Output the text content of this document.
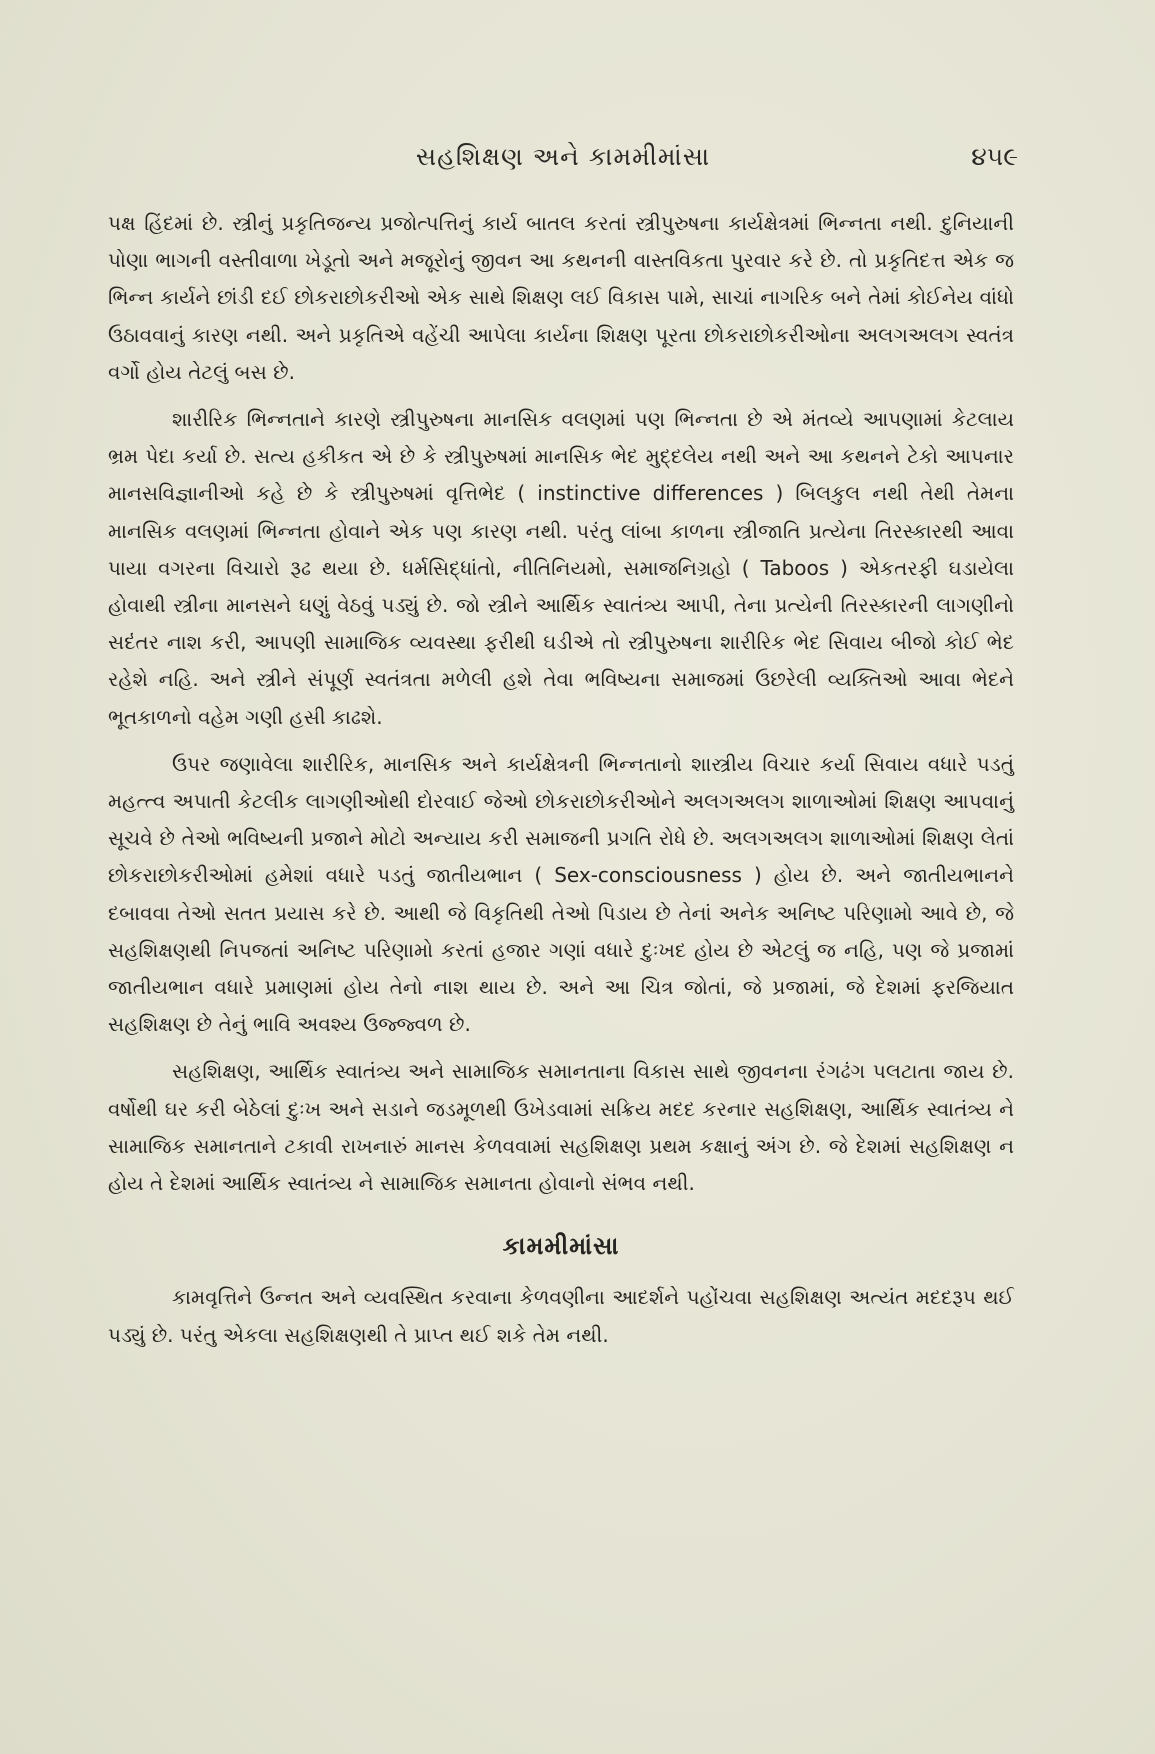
સહશિક્ષણ અને કામમીમાંસા	૪૫૯

પક્ષ હિંદમાં છે. સ્ત્રીનું પ્રકૃતિજન્ય પ્રજોત્પત્તિનું કાર્ય બાતલ કરતાં સ્ત્રીપુરુષના કાર્યક્ષેત્રમાં ભિન્નતા નથી. દુનિયાની પોણા ભાગની વસ્તીવાળા ખેડૂતો અને મજૂરોનું જીવન આ કથનની વાસ્તવિકતા પુરવાર કરે છે. તો પ્રકૃતિદત્ત એક જ ભિન્ન કાર્યને છાંડી દઈ છોકરાછોકરીઓ એક સાથે શિક્ષણ લઈ વિકાસ પામે, સાચાં નાગરિક બને તેમાં કોઈનેય વાંધો ઉઠાવવાનું કારણ નથી. અને પ્રકૃતિએ વહેંચી આપેલા કાર્યના શિક્ષણ પૂરતા છોકરાછોકરીઓના અલગઅલગ સ્વતંત્ર વર્ગો હોય તેટલું બસ છે.

શારીરિક ભિન્નતાને કારણે સ્ત્રીપુરુષના માનસિક વલણમાં પણ ભિન્નતા છે એ મંતવ્યે આપણામાં કેટલાય ભ્રમ પેદા કર્યા છે. સત્ય હકીકત એ છે કે સ્ત્રીપુરુષમાં માનસિક ભેદ મુદ્દલેય નથી અને આ કથનને ટેકો આપનાર માનસવિજ્ઞાનીઓ કહે છે કે સ્ત્રીપુરુષમાં વૃત્તિભેદ ( instinctive differences ) બિલકુલ નથી તેથી તેમના માનસિક વલણમાં ભિન્નતા હોવાને એક પણ કારણ નથી. પરંતુ લાંબા કાળના સ્ત્રીજાતિ પ્રત્યેના તિરસ્કારથી આવા પાયા વગરના વિચારો રૂઢ થયા છે. ધર્મસિદ્ધાંતો, નીતિનિયમો, સમાજનિગ્રહો ( Taboos ) એકતરફી ઘડાયેલા હોવાથી સ્ત્રીના માનસને ઘણું વેઠવું પડ્યું છે. જો સ્ત્રીને આર્થિક સ્વાતંત્ર્ય આપી, તેના પ્રત્યેની તિરસ્કારની લાગણીનો સદંતર નાશ કરી, આપણી સામાજિક વ્યવસ્થા ફરીથી ઘડીએ તો સ્ત્રીપુરુષના શારીરિક ભેદ સિવાય બીજો કોઈ ભેદ રહેશે નહિ. અને સ્ત્રીને સંપૂર્ણ સ્વતંત્રતા મળેલી હશે તેવા ભવિષ્યના સમાજમાં ઉછરેલી વ્યક્તિઓ આવા ભેદને ભૂતકાળનો વહેમ ગણી હસી કાઢશે.

ઉપર જણાવેલા શારીરિક, માનસિક અને કાર્યક્ષેત્રની ભિન્નતાનો શાસ્ત્રીય વિચાર કર્યા સિવાય વધારે પડતું મહત્ત્વ અપાતી કેટલીક લાગણીઓથી દોરવાઈ જેઓ છોકરાછોકરીઓને અલગઅલગ શાળાઓમાં શિક્ષણ આપવાનું સૂચવે છે તેઓ ભવિષ્યની પ્રજાને મોટો અન્યાય કરી સમાજની પ્રગતિ રોધે છે. અલગઅલગ શાળાઓમાં શિક્ષણ લેતાં છોકરાછોકરીઓમાં હમેશાં વધારે પડતું જાતીયભાન ( Sex-consciousness ) હોય છે. અને જાતીયભાનને દબાવવા તેઓ સતત પ્રયાસ કરે છે. આથી જે વિકૃતિથી તેઓ પિડાય છે તેનાં અનેક અનિષ્ટ પરિણામો આવે છે, જે સહશિક્ષણથી નિપજતાં અનિષ્ટ પરિણામો કરતાં હજાર ગણાં વધારે દુઃખદ હોય છે એટલું જ નહિ, પણ જે પ્રજામાં જાતીયભાન વધારે પ્રમાણમાં હોય તેનો નાશ થાય છે. અને આ ચિત્ર જોતાં, જે પ્રજામાં, જે દેશમાં ફરજિયાત સહશિક્ષણ છે તેનું ભાવિ અવશ્ય ઉજ્જ્વળ છે.

સહશિક્ષણ, આર્થિક સ્વાતંત્ર્ય અને સામાજિક સમાનતાના વિકાસ સાથે જીવનના રંગઢંગ પલટાતા જાય છે. વર્ષોથી ઘર કરી બેઠેલાં દુઃખ અને સડાને જડમૂળથી ઉખેડવામાં સક્રિય મદદ કરનાર સહશિક્ષણ, આર્થિક સ્વાતંત્ર્ય ને સામાજિક સમાનતાને ટકાવી રાખનારું માનસ કેળવવામાં સહશિક્ષણ પ્રથમ કક્ષાનું અંગ છે. જે દેશમાં સહશિક્ષણ ન હોય તે દેશમાં આર્થિક સ્વાતંત્ર્ય ને સામાજિક સમાનતા હોવાનો સંભવ નથી.

કામમીમાંસા

કામવૃત્તિને ઉન્નત અને વ્યવસ્થિત કરવાના કેળવણીના આદર્શને પહોંચવા સહશિક્ષણ અત્યંત મદદરૂપ થઈ પડ્યું છે. પરંતુ એકલા સહશિક્ષણથી તે પ્રાપ્ત થઈ શકે તેમ નથી.
